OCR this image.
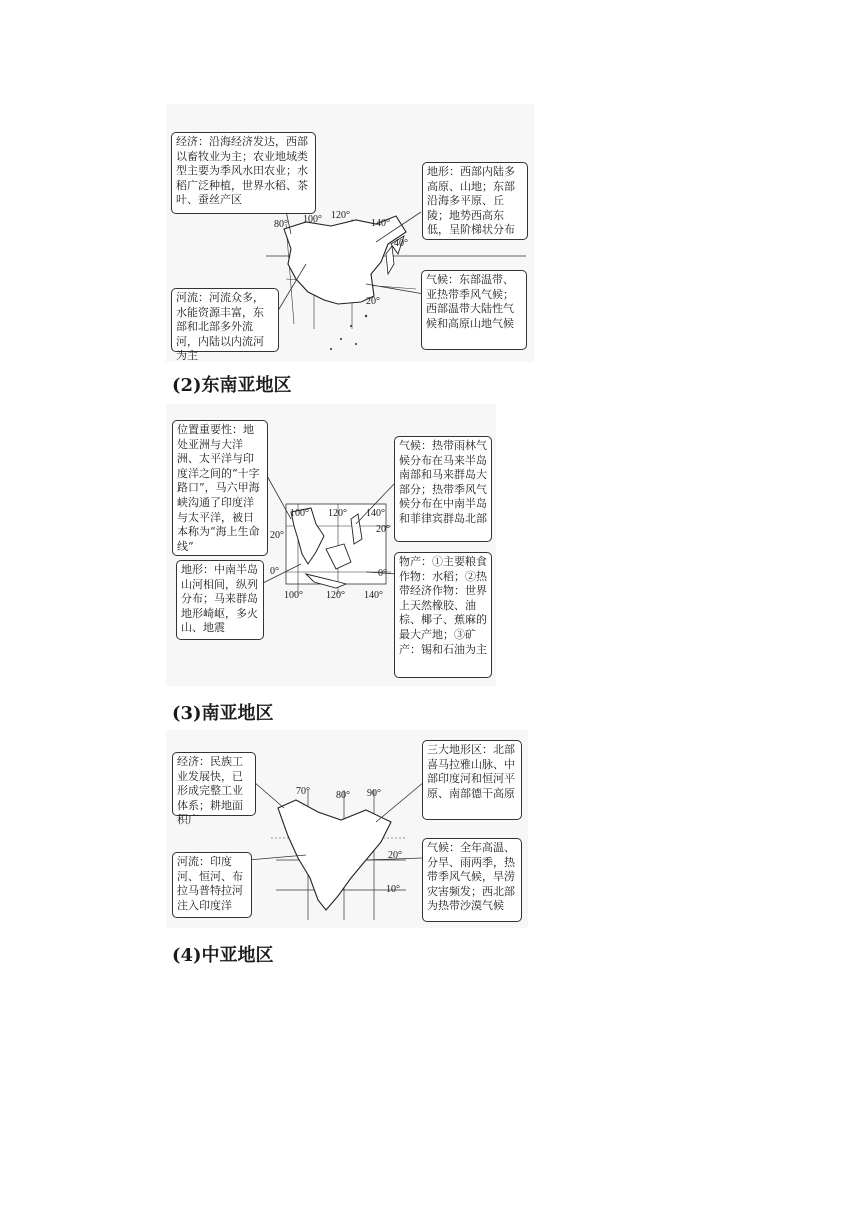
80° 100° 120°
140°
40°
20°
经济：沿海经济发达，西部以畜牧业为主；农业地域类型主要为季风水田农业；水稻广泛种植，世界水稻、茶叶、蚕丝产区
地形：西部内陆多高原、山地；东部沿海多平原、丘陵；地势西高东低，呈阶梯状分布
河流：河流众多，水能资源丰富，东部和北部多外流河，内陆以内流河为主
气候：东部温带、亚热带季风气候；西部温带大陆性气候和高原山地气候
(2)东南亚地区
100° 120° 140°
20°
20°
0°	0°
100° 120° 140°
位置重要性：地处亚洲与大洋洲、太平洋与印度洋之间的“十字路口”，马六甲海峡沟通了印度洋与太平洋，被日本称为“海上生命线”
气候：热带雨林气候分布在马来半岛南部和马来群岛大部分；热带季风气候分布在中南半岛和菲律宾群岛北部
地形：中南半岛山河相间，纵列分布；马来群岛地形崎岖，多火山、地震
物产：①主要粮食作物：水稻；②热带经济作物：世界上天然橡胶、油棕、椰子、蕉麻的最大产地；③矿产：锡和石油为主
(3)南亚地区
70°	80° 90°
20°
10°
经济：民族工业发展快，已形成完整工业体系；耕地面积广
三大地形区：北部喜马拉雅山脉、中部印度河和恒河平原、南部德干高原
河流：印度河、恒河、布拉马普特拉河注入印度洋
气候：全年高温、分旱、雨两季，热带季风气候，旱涝灾害频发；西北部为热带沙漠气候
(4)中亚地区
